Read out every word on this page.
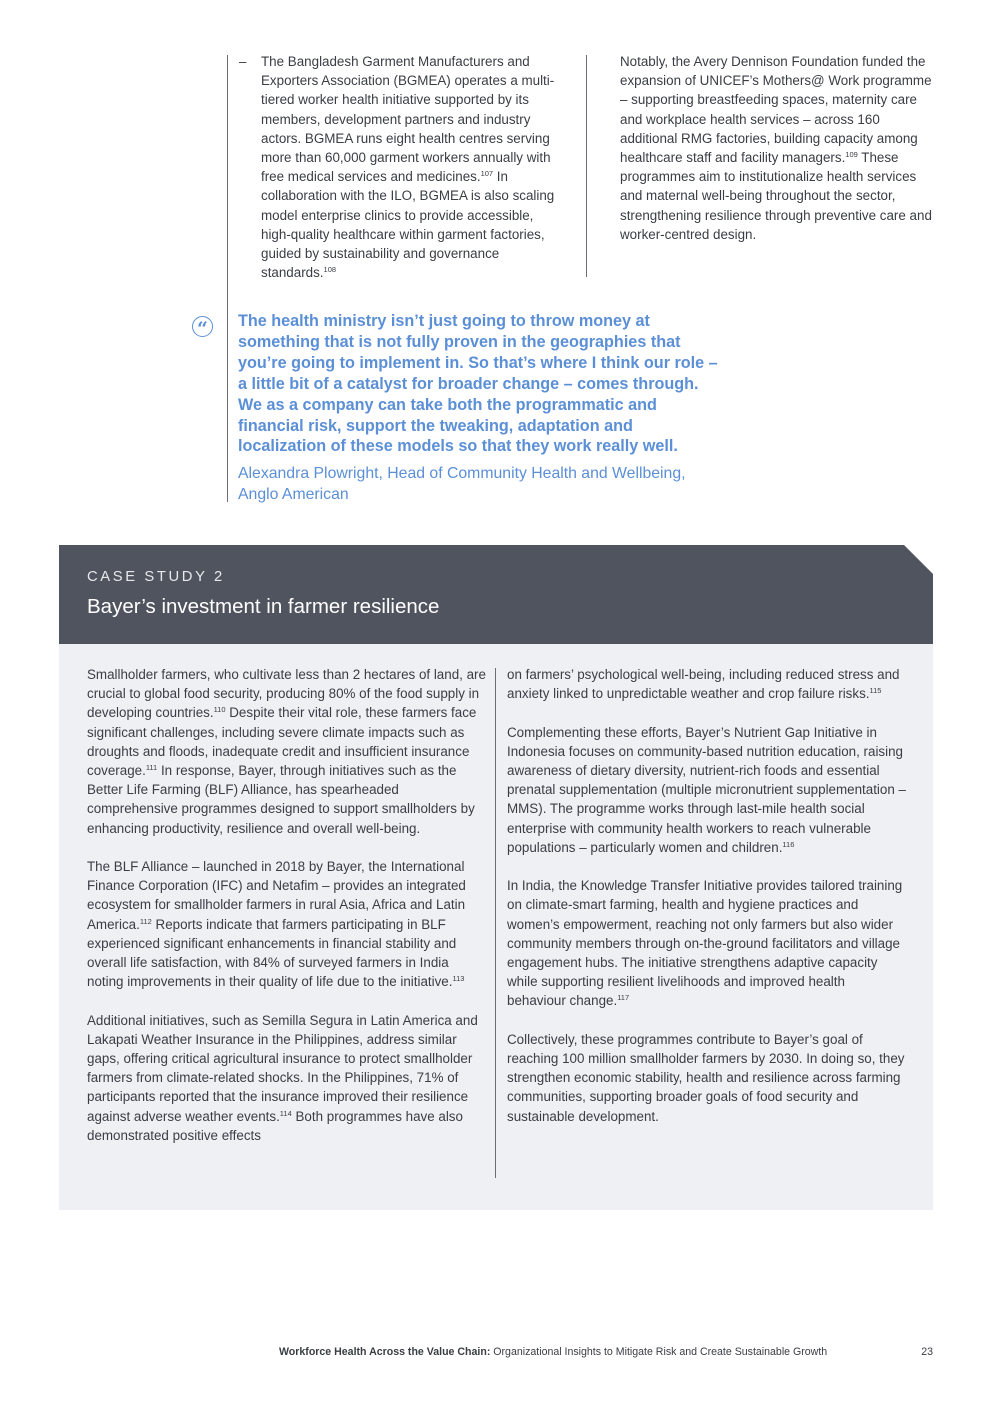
– The Bangladesh Garment Manufacturers and Exporters Association (BGMEA) operates a multi-tiered worker health initiative supported by its members, development partners and industry actors. BGMEA runs eight health centres serving more than 60,000 garment workers annually with free medical services and medicines.$^{107}$ In collaboration with the ILO, BGMEA is also scaling model enterprise clinics to provide accessible, high-quality healthcare within garment factories, guided by sustainability and governance standards.$^{108}$

Notably, the Avery Dennison Foundation funded the expansion of UNICEF’s Mothers@ Work programme – supporting breastfeeding spaces, maternity care and workplace health services – across 160 additional RMG factories, building capacity among healthcare staff and facility managers.$^{109}$ These programmes aim to institutionalize health services and maternal well-being throughout the sector, strengthening resilience through preventive care and worker-centred design.

“	The health ministry isn’t just going to throw money at something that is not fully proven in the geographies that you’re going to implement in. So that’s where I think our role – a little bit of a catalyst for broader change – comes through. We as a company can take both the programmatic and financial risk, support the tweaking, adaptation and localization of these models so that they work really well.

Alexandra Plowright, Head of Community Health and Wellbeing, Anglo American

CASE STUDY 2

Bayer’s investment in farmer resilience

Smallholder farmers, who cultivate less than 2 hectares of land, are crucial to global food security, producing 80% of the food supply in developing countries.$^{110}$ Despite their vital role, these farmers face significant challenges, including severe climate impacts such as droughts and floods, inadequate credit and insufficient insurance coverage.$^{111}$ In response, Bayer, through initiatives such as the Better Life Farming (BLF) Alliance, has spearheaded comprehensive programmes designed to support smallholders by enhancing productivity, resilience and overall well-being.

The BLF Alliance – launched in 2018 by Bayer, the International Finance Corporation (IFC) and Netafim – provides an integrated ecosystem for smallholder farmers in rural Asia, Africa and Latin America.$^{112}$ Reports indicate that farmers participating in BLF experienced significant enhancements in financial stability and overall life satisfaction, with 84% of surveyed farmers in India noting improvements in their quality of life due to the initiative.$^{113}$

Additional initiatives, such as Semilla Segura in Latin America and Lakapati Weather Insurance in the Philippines, address similar gaps, offering critical agricultural insurance to protect smallholder farmers from climate-related shocks. In the Philippines, 71% of participants reported that the insurance improved their resilience against adverse weather events.$^{114}$ Both programmes have also demonstrated positive effects

on farmers’ psychological well-being, including reduced stress and anxiety linked to unpredictable weather and crop failure risks.$^{115}$

Complementing these efforts, Bayer’s Nutrient Gap Initiative in Indonesia focuses on community-based nutrition education, raising awareness of dietary diversity, nutrient-rich foods and essential prenatal supplementation (multiple micronutrient supplementation – MMS). The programme works through last-mile health social enterprise with community health workers to reach vulnerable populations – particularly women and children.$^{116}$

In India, the Knowledge Transfer Initiative provides tailored training on climate-smart farming, health and hygiene practices and women’s empowerment, reaching not only farmers but also wider community members through on-the-ground facilitators and village engagement hubs. The initiative strengthens adaptive capacity while supporting resilient livelihoods and improved health behaviour change.$^{117}$

Collectively, these programmes contribute to Bayer’s goal of reaching 100 million smallholder farmers by 2030. In doing so, they strengthen economic stability, health and resilience across farming communities, supporting broader goals of food security and sustainable development.

Workforce Health Across the Value Chain: Organizational Insights to Mitigate Risk and Create Sustainable Growth	23
